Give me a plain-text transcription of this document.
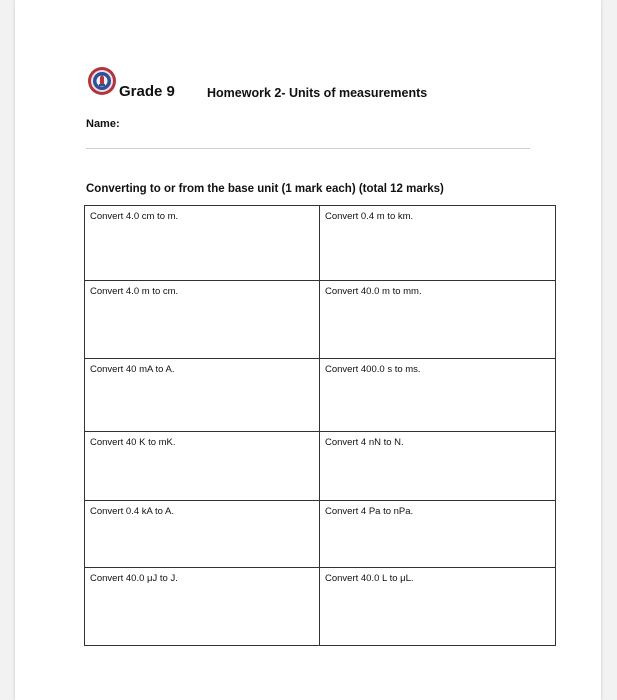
Grade 9	Homework 2- Units of measurements
Name:
Converting to or from the base unit (1 mark each) (total 12 marks)
Convert 4.0 cm to m.	Convert 0.4 m to km.
Convert 4.0 m to cm.	Convert 40.0 m to mm.
Convert 40 mA to A.	Convert 400.0 s to ms.
Convert 40 K to mK.	Convert 4 nN to N.
Convert 0.4 kA to A.	Convert 4 Pa to nPa.
Convert 40.0 μJ to J.	Convert 40.0 L to μL.
